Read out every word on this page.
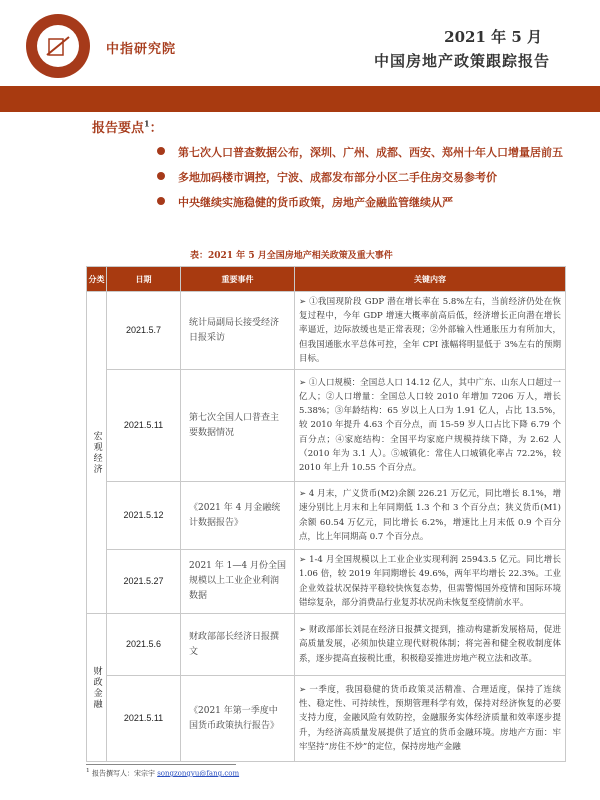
中指研究院
2021 年 5 月
中国房地产政策跟踪报告
报告要点$^1$：
第七次人口普查数据公布，深圳、广州、成都、西安、郑州十年人口增量居前五
多地加码楼市调控，宁波、成都发布部分小区二手住房交易参考价
中央继续实施稳健的货币政策，房地产金融监管继续从严
表：2021 年 5 月全国房地产相关政策及重大事件
分类	日期	重要事件	关键内容
宏观经济	2021.5.7	统计局副局长接受经济日报采访	➢ ①我国现阶段 GDP 潜在增长率在 5.8%左右，当前经济仍处在恢复过程中，今年 GDP 增速大概率前高后低，经济增长正向潜在增长率逼近，边际放缓也是正常表现；②外部输入性通胀压力有所加大，但我国通胀水平总体可控，全年 CPI 涨幅将明显低于 3%左右的预期目标。
	2021.5.11	第七次全国人口普查主要数据情况	➢ ①人口规模：全国总人口 14.12 亿人，其中广东、山东人口超过一亿人；②人口增量：全国总人口较 2010 年增加 7206 万人，增长 5.38%；③年龄结构：65 岁以上人口为 1.91 亿人，占比 13.5%，较 2010 年提升 4.63 个百分点，而 15-59 岁人口占比下降 6.79 个百分点；④家庭结构：全国平均家庭户规模持续下降，为 2.62 人（2010 年为 3.1 人）。⑤城镇化：常住人口城镇化率占 72.2%，较 2010 年上升 10.55 个百分点。
	2021.5.12	《2021 年 4 月金融统计数据报告》	➢ 4 月末，广义货币(M2)余额 226.21 万亿元，同比增长 8.1%，增速分别比上月末和上年同期低 1.3 个和 3 个百分点；狭义货币(M1)余额 60.54 万亿元，同比增长 6.2%，增速比上月末低 0.9 个百分点，比上年同期高 0.7 个百分点。
	2021.5.27	2021 年 1—4 月份全国规模以上工业企业利润数据	➢ 1-4 月全国规模以上工业企业实现利润 25943.5 亿元。同比增长 1.06 倍，较 2019 年同期增长 49.6%，两年平均增长 22.3%。工业企业效益状况保持平稳较快恢复态势，但需警惕国外疫情和国际环境错综复杂，部分消费品行业复苏状况尚未恢复至疫情前水平。
财政金融	2021.5.6	财政部部长经济日报撰文	➢ 财政部部长刘昆在经济日报撰文提到，推动构建新发展格局，促进高质量发展，必须加快建立现代财税体制；将完善和健全税收制度体系，逐步提高直接税比重，积极稳妥推进房地产税立法和改革。
	2021.5.11	《2021 年第一季度中国货币政策执行报告》	➢ 一季度，我国稳健的货币政策灵活精准、合理适度，保持了连续性、稳定性、可持续性，预期管理科学有效，保持对经济恢复的必要支持力度，金融风险有效防控，金融服务实体经济质量和效率逐步提升，为经济高质量发展提供了适宜的货币金融环境。房地产方面：牢牢坚持“房住不炒”的定位，保持房地产金融
$^1$ 报告撰写人：宋宗宇 songzongyu@fang.com
